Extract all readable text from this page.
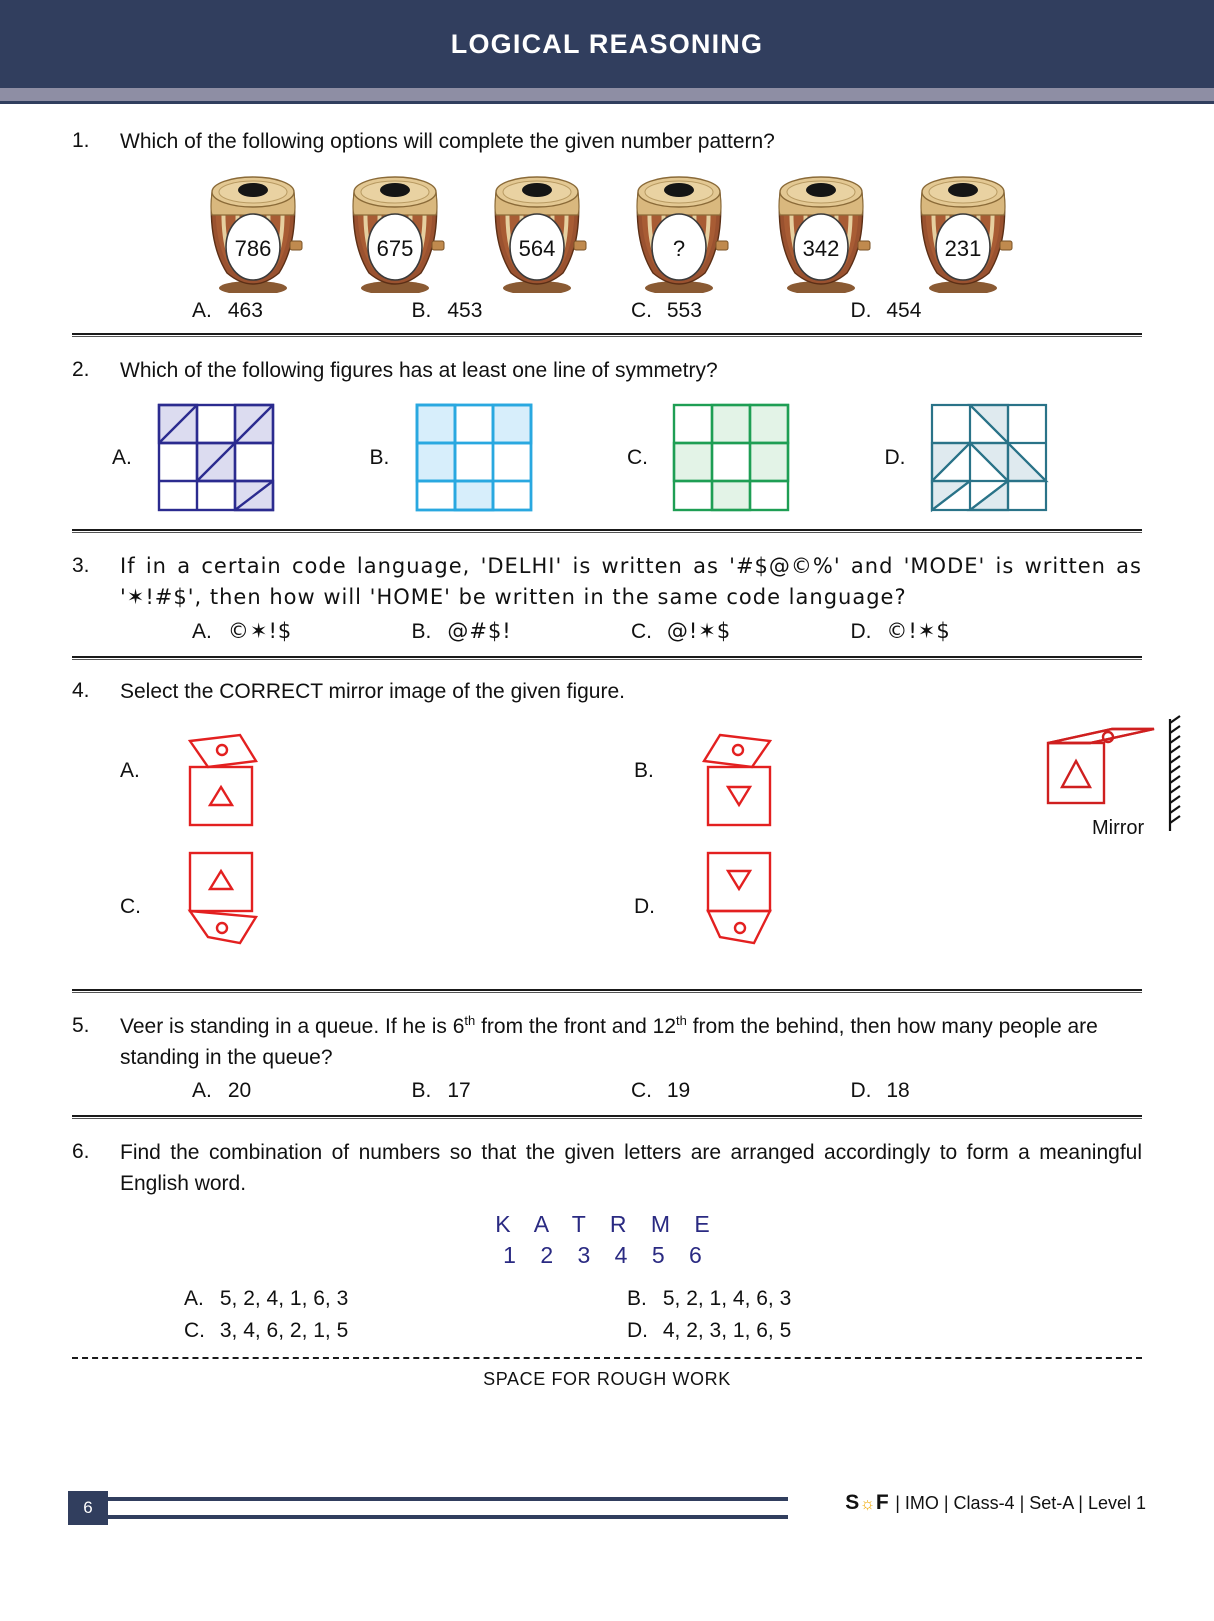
LOGICAL REASONING
1.	Which of the following options will complete the given number pattern?
786	675	564	?	342	231
A. 463	B. 453	C. 553	D. 454
2.	Which of the following figures has at least one line of symmetry?
A.	B.	C.	D.
3.	If in a certain code language, 'DELHI' is written as '#$@©%' and 'MODE' is written as '✶!#$', then how will 'HOME' be written in the same code language?
A. ©✶!$	B. @#$!	C. @!✶$	D. ©!✶$
4.	Select the CORRECT mirror image of the given figure.
A.	B.
Mirror
C.	D.
5.	Veer is standing in a queue. If he is 6th from the front and 12th from the behind, then how many people are standing in the queue?
A. 20	B. 17	C. 19	D. 18
6.	Find the combination of numbers so that the given letters are arranged accordingly to form a meaningful English word.
K A T R M E
1 2 3 4 5 6
A. 5, 2, 4, 1, 6, 3	B. 5, 2, 1, 4, 6, 3
C. 3, 4, 6, 2, 1, 5	D. 4, 2, 3, 1, 6, 5
SPACE FOR ROUGH WORK
6	S☼F | IMO | Class-4 | Set-A | Level 1
